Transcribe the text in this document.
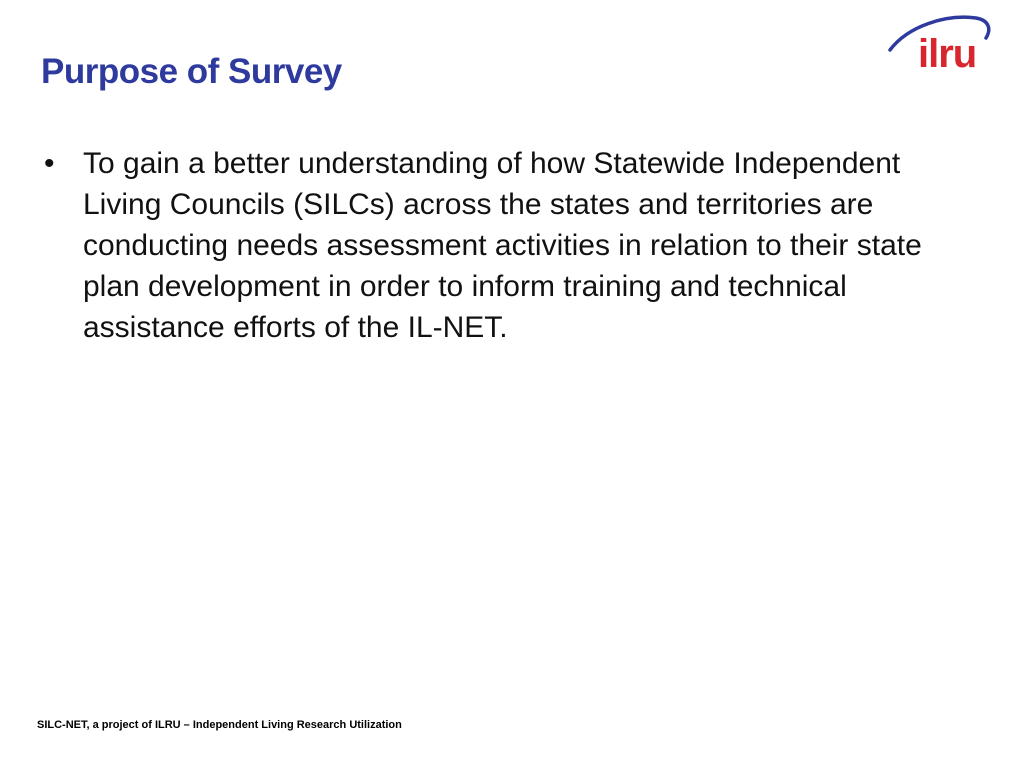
Purpose of Survey	ilru
• To gain a better understanding of how Statewide Independent Living Councils (SILCs) across the states and territories are conducting needs assessment activities in relation to their state plan development in order to inform training and technical assistance efforts of the IL-NET.
SILC-NET, a project of ILRU – Independent Living Research Utilization
